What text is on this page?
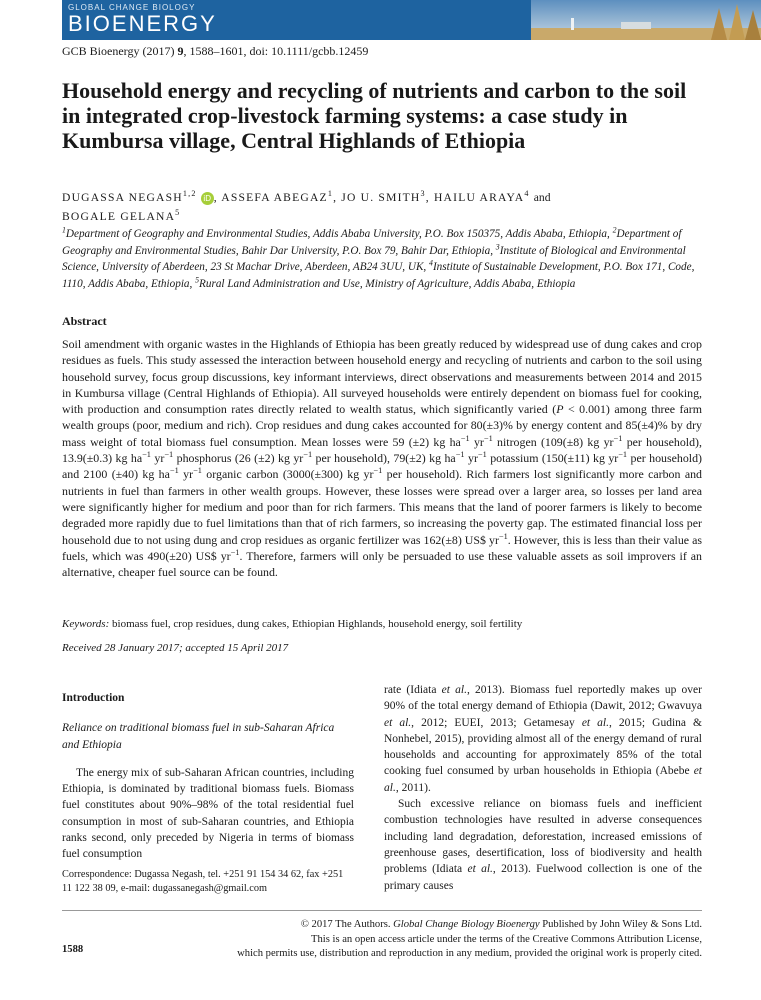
GLOBAL CHANGE BIOLOGY
BIOENERGY
GCB Bioenergy (2017) 9, 1588–1601, doi: 10.1111/gcbb.12459
Household energy and recycling of nutrients and carbon to the soil in integrated crop-livestock farming systems: a case study in Kumbursa village, Central Highlands of Ethiopia
DUGASSA NEGASH$^{1,2}$ iD , ASSEFA ABEGAZ$^1$, JO U. SMITH$^3$, HAILU ARAYA$^4$ and
BOGALE GELANA$^5$
$^1$Department of Geography and Environmental Studies, Addis Ababa University, P.O. Box 150375, Addis Ababa, Ethiopia, $^2$Department of Geography and Environmental Studies, Bahir Dar University, P.O. Box 79, Bahir Dar, Ethiopia, $^3$Institute of Biological and Environmental Science, University of Aberdeen, 23 St Machar Drive, Aberdeen, AB24 3UU, UK, $^4$Institute of Sustainable Development, P.O. Box 171, Code, 1110, Addis Ababa, Ethiopia, $^5$Rural Land Administration and Use, Ministry of Agriculture, Addis Ababa, Ethiopia
Abstract
Soil amendment with organic wastes in the Highlands of Ethiopia has been greatly reduced by widespread use of dung cakes and crop residues as fuels. This study assessed the interaction between household energy and recycling of nutrients and carbon to the soil using household survey, focus group discussions, key informant interviews, direct observations and measurements between 2014 and 2015 in Kumbursa village (Central Highlands of Ethiopia). All surveyed households were entirely dependent on biomass fuel for cooking, with production and consumption rates directly related to wealth status, which significantly varied (P < 0.001) among three farm wealth groups (poor, medium and rich). Crop residues and dung cakes accounted for 80(±3)% by energy content and 85(±4)% by dry mass weight of total biomass fuel consumption. Mean losses were 59 (±2) kg $ha^{-1}$ $yr^{-1}$ nitrogen (109(±8) kg $yr^{-1}$ per household), 13.9(±0.3) kg $ha^{-1}$ $yr^{-1}$ phosphorus (26 (±2) kg $yr^{-1}$ per household), 79(±2) kg $ha^{-1}$ $yr^{-1}$ potassium (150(±11) kg $yr^{-1}$ per household) and 2100 (±40) kg $ha^{-1}$ $yr^{-1}$ organic carbon (3000(±300) kg $yr^{-1}$ per household). Rich farmers lost significantly more carbon and nutrients in fuel than farmers in other wealth groups. However, these losses were spread over a larger area, so losses per land area were significantly higher for medium and poor than for rich farmers. This means that the land of poorer farmers is likely to become degraded more rapidly due to fuel limitations than that of rich farmers, so increasing the poverty gap. The estimated financial loss per household due to not using dung and crop residues as organic fertilizer was 162(±8) US$ $yr^{-1}$. However, this is less than their value as fuels, which was 490(±20) US$ $yr^{-1}$. Therefore, farmers will only be persuaded to use these valuable assets as soil improvers if an alternative, cheaper fuel source can be found.
Keywords: biomass fuel, crop residues, dung cakes, Ethiopian Highlands, household energy, soil fertility
Received 28 January 2017; accepted 15 April 2017

Introduction

Reliance on traditional biomass fuel in sub-Saharan Africa and Ethiopia

The energy mix of sub-Saharan African countries, including Ethiopia, is dominated by traditional biomass fuels. Biomass fuel constitutes about 90%–98% of the total residential fuel consumption in most of sub-Saharan countries, and Ethiopia ranks second, only preceded by Nigeria in terms of biomass fuel consumption

rate (Idiata et al., 2013). Biomass fuel reportedly makes up over 90% of the total energy demand of Ethiopia (Dawit, 2012; Gwavuya et al., 2012; EUEI, 2013; Getamesay et al., 2015; Gudina & Nonhebel, 2015), providing almost all of the energy demand of rural households and accounting for approximately 85% of the total cooking fuel consumed by urban households in Ethiopia (Abebe et al., 2011).

Such excessive reliance on biomass fuels and inefficient combustion technologies have resulted in adverse consequences including land degradation, deforestation, increased emissions of greenhouse gases, desertification, loss of biodiversity and health problems (Idiata et al., 2013). Fuelwood collection is one of the primary causes

Correspondence: Dugassa Negash, tel. +251 91 154 34 62, fax +251 11 122 38 09, e-mail: dugassanegash@gmail.com
© 2017 The Authors. Global Change Biology Bioenergy Published by John Wiley & Sons Ltd.
This is an open access article under the terms of the Creative Commons Attribution License,
which permits use, distribution and reproduction in any medium, provided the original work is properly cited.
1588
